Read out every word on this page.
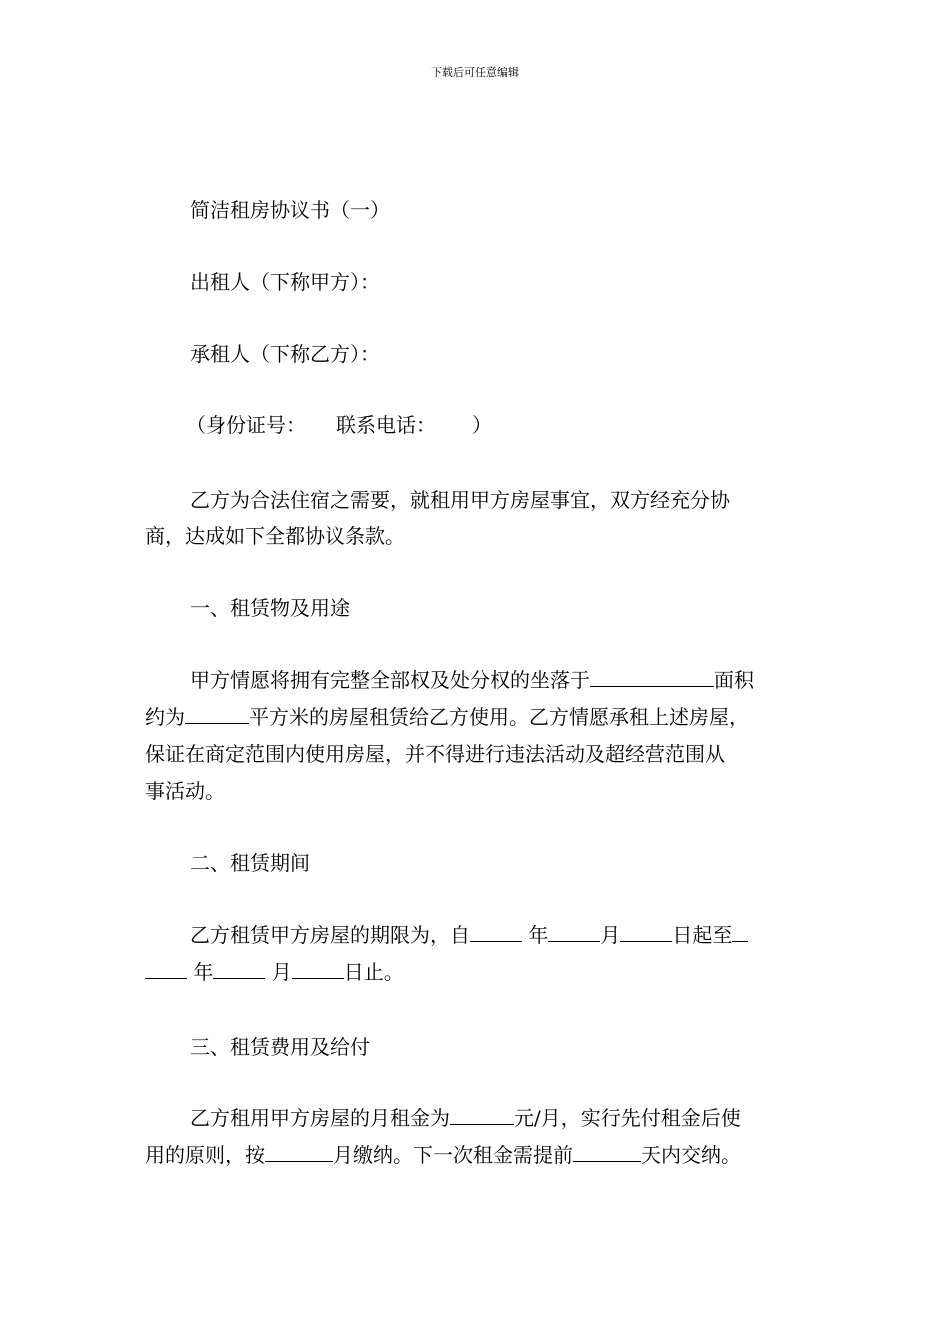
下载后可任意编辑
简洁租房协议书（一）
出租人（下称甲方）：
承租人（下称乙方）：
（身份证号： 联系电话： ）
乙方为合法住宿之需要，就租用甲方房屋事宜，双方经充分协
商，达成如下全都协议条款。
一、租赁物及用途
甲方情愿将拥有完整全部权及处分权的坐落于	面积
约为	平方米的房屋租赁给乙方使用。乙方情愿承租上述房屋，
保证在商定范围内使用房屋，并不得进行违法活动及超经营范围从
事活动。
二、租赁期间
乙方租赁甲方房屋的期限为，自	年	月	日起至
年	月	日止。
三、租赁费用及给付
乙方租用甲方房屋的月租金为	元/月，实行先付租金后使
用的原则，按	月缴纳。下一次租金需提前	天内交纳。
